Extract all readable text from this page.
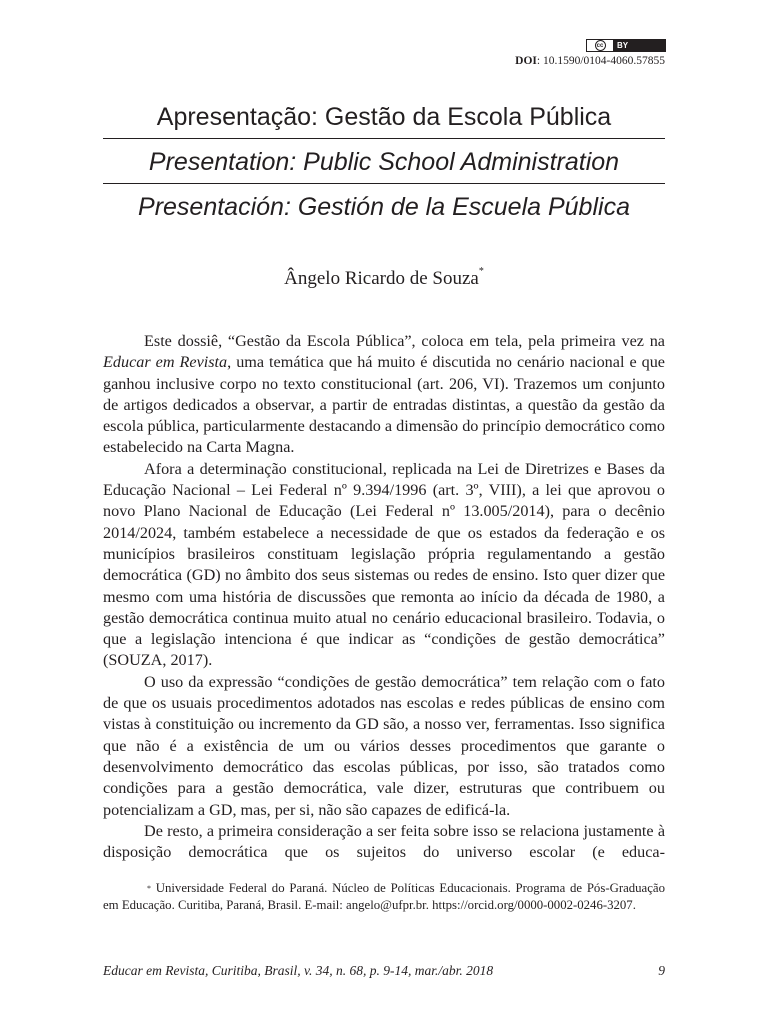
cc	BY
DOI: 10.1590/0104-4060.57855
Apresentação: Gestão da Escola Pública
Presentation: Public School Administration
Presentación: Gestión de la Escuela Pública
Ângelo Ricardo de Souza*

Este dossiê, “Gestão da Escola Pública”, coloca em tela, pela primeira vez na Educar em Revista, uma temática que há muito é discutida no cenário nacional e que ganhou inclusive corpo no texto constitucional (art. 206, VI). Trazemos um conjunto de artigos dedicados a observar, a partir de entradas distintas, a questão da gestão da escola pública, particularmente destacando a dimensão do princípio democrático como estabelecido na Carta Magna.

Afora a determinação constitucional, replicada na Lei de Diretrizes e Bases da Educação Nacional – Lei Federal nº 9.394/1996 (art. 3º, VIII), a lei que aprovou o novo Plano Nacional de Educação (Lei Federal nº 13.005/2014), para o decênio 2014/2024, também estabelece a necessidade de que os estados da federação e os municípios brasileiros constituam legislação própria regulamentando a gestão democrática (GD) no âmbito dos seus sistemas ou redes de ensino. Isto quer dizer que mesmo com uma história de discussões que remonta ao início da década de 1980, a gestão democrática continua muito atual no cenário educacional brasileiro. Todavia, o que a legislação intenciona é que indicar as “condições de gestão democrática” (SOUZA, 2017).

O uso da expressão “condições de gestão democrática” tem relação com o fato de que os usuais procedimentos adotados nas escolas e redes públicas de ensino com vistas à constituição ou incremento da GD são, a nosso ver, ferramentas. Isso significa que não é a existência de um ou vários desses procedimentos que garante o desenvolvimento democrático das escolas públicas, por isso, são tratados como condições para a gestão democrática, vale dizer, estruturas que contribuem ou potencializam a GD, mas, per si, não são capazes de edificá-la.

De resto, a primeira consideração a ser feita sobre isso se relaciona justamente à disposição democrática que os sujeitos do universo escolar (e educa-

* Universidade Federal do Paraná. Núcleo de Políticas Educacionais. Programa de Pós-Graduação em Educação. Curitiba, Paraná, Brasil. E-mail: angelo@ufpr.br. https://orcid.org/0000-0002-0246-3207.
Educar em Revista, Curitiba, Brasil, v. 34, n. 68, p. 9-14, mar./abr. 2018	9
